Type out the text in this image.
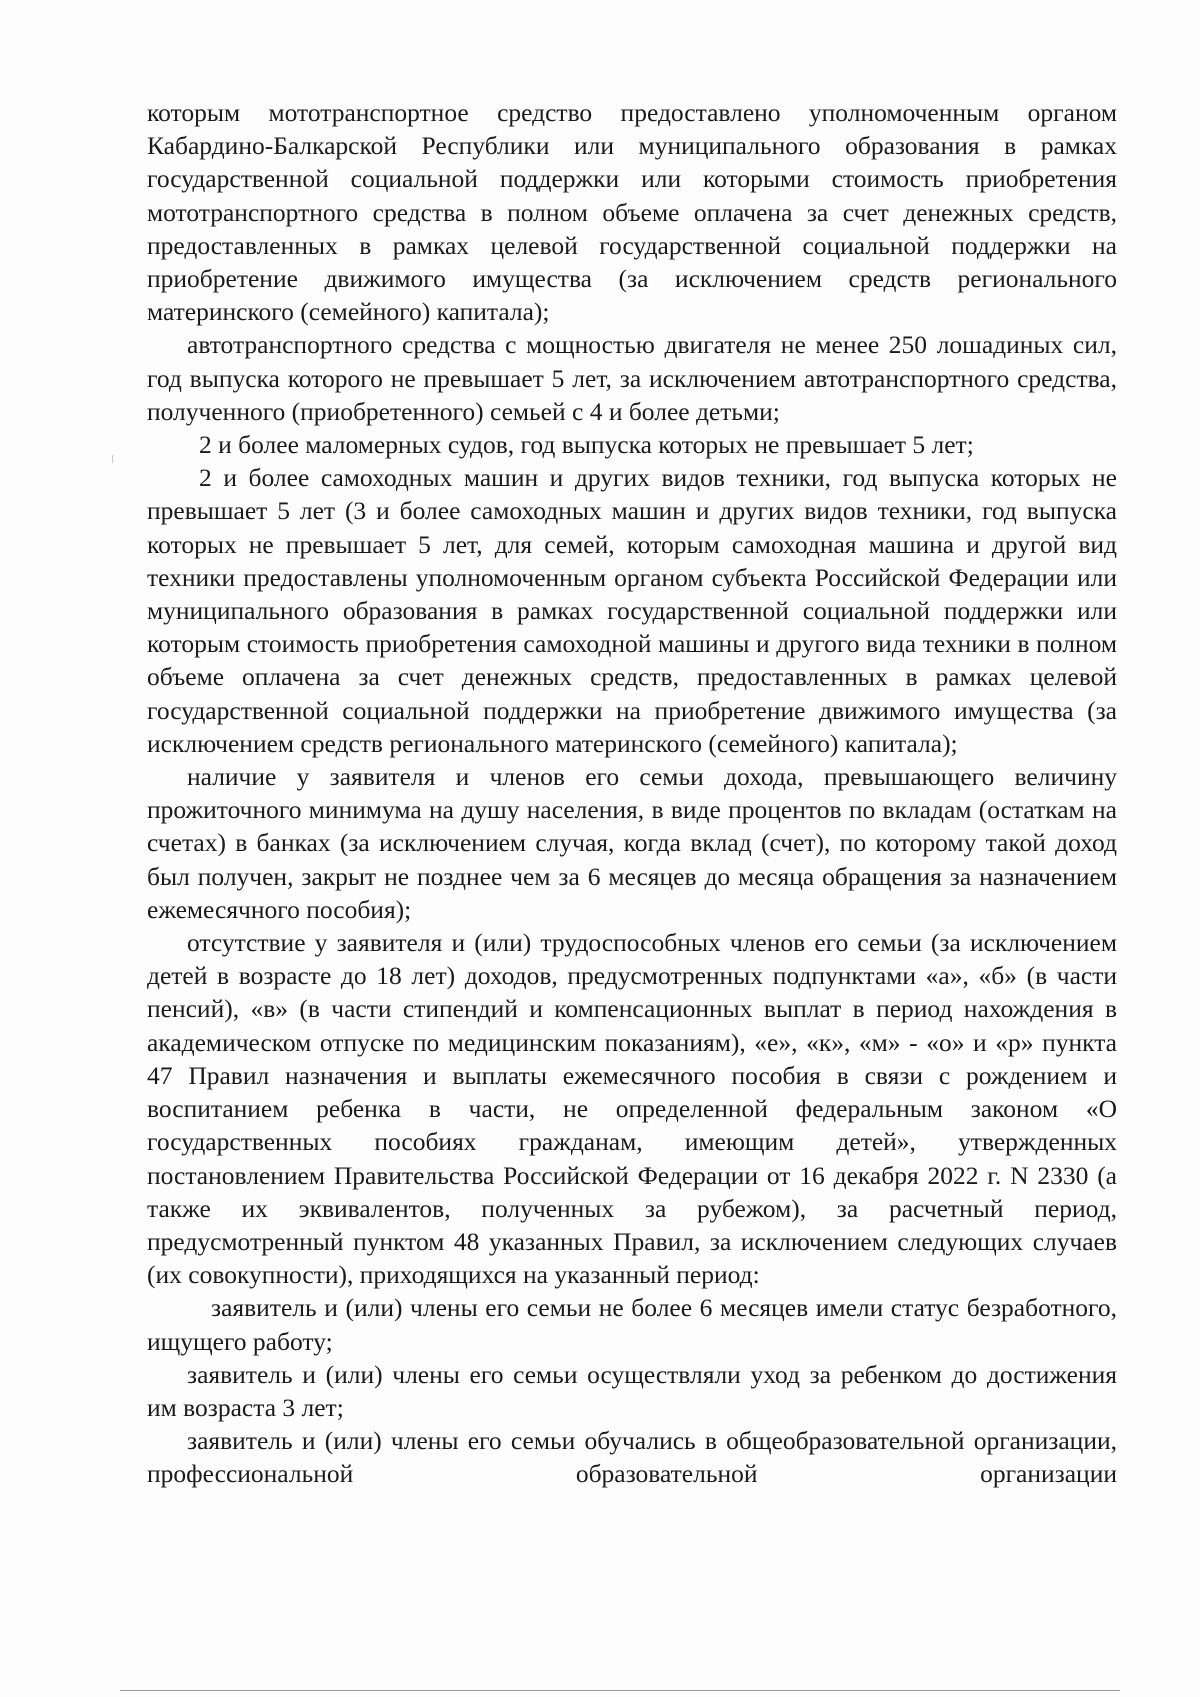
которым мототранспортное средство предоставлено уполномоченным органом Кабардино-Балкарской Республики или муниципального образования в рамках государственной социальной поддержки или которыми стоимость приобретения мототранспортного средства в полном объеме оплачена за счет денежных средств, предоставленных в рамках целевой государственной социальной поддержки на приобретение движимого имущества (за исключением средств регионального материнского (семейного) капитала);

автотранспортного средства с мощностью двигателя не менее 250 лошадиных сил, год выпуска которого не превышает 5 лет, за исключением автотранспортного средства, полученного (приобретенного) семьей с 4 и более детьми;

2 и более маломерных судов, год выпуска которых не превышает 5 лет;

2 и более самоходных машин и других видов техники, год выпуска которых не превышает 5 лет (3 и более самоходных машин и других видов техники, год выпуска которых не превышает 5 лет, для семей, которым самоходная машина и другой вид техники предоставлены уполномоченным органом субъекта Российской Федерации или муниципального образования в рамках государственной социальной поддержки или которым стоимость приобретения самоходной машины и другого вида техники в полном объеме оплачена за счет денежных средств, предоставленных в рамках целевой государственной социальной поддержки на приобретение движимого имущества (за исключением средств регионального материнского (семейного) капитала);

наличие у заявителя и членов его семьи дохода, превышающего величину прожиточного минимума на душу населения, в виде процентов по вкладам (остаткам на счетах) в банках (за исключением случая, когда вклад (счет), по которому такой доход был получен, закрыт не позднее чем за 6 месяцев до месяца обращения за назначением ежемесячного пособия);

отсутствие у заявителя и (или) трудоспособных членов его семьи (за исключением детей в возрасте до 18 лет) доходов, предусмотренных подпунктами «а», «б» (в части пенсий), «в» (в части стипендий и компенсационных выплат в период нахождения в академическом отпуске по медицинским показаниям), «е», «к», «м» - «о» и «р» пункта 47 Правил назначения и выплаты ежемесячного пособия в связи с рождением и воспитанием ребенка в части, не определенной федеральным законом «О государственных пособиях гражданам, имеющим детей», утвержденных постановлением Правительства Российской Федерации от 16 декабря 2022 г. N 2330 (а также их эквивалентов, полученных за рубежом), за расчетный период, предусмотренный пунктом 48 указанных Правил, за исключением следующих случаев (их совокупности), приходящихся на указанный период:

заявитель и (или) члены его семьи не более 6 месяцев имели статус безработного, ищущего работу;

заявитель и (или) члены его семьи осуществляли уход за ребенком до достижения им возраста 3 лет;

заявитель и (или) члены его семьи обучались в общеобразовательной организации, профессиональной образовательной организации
